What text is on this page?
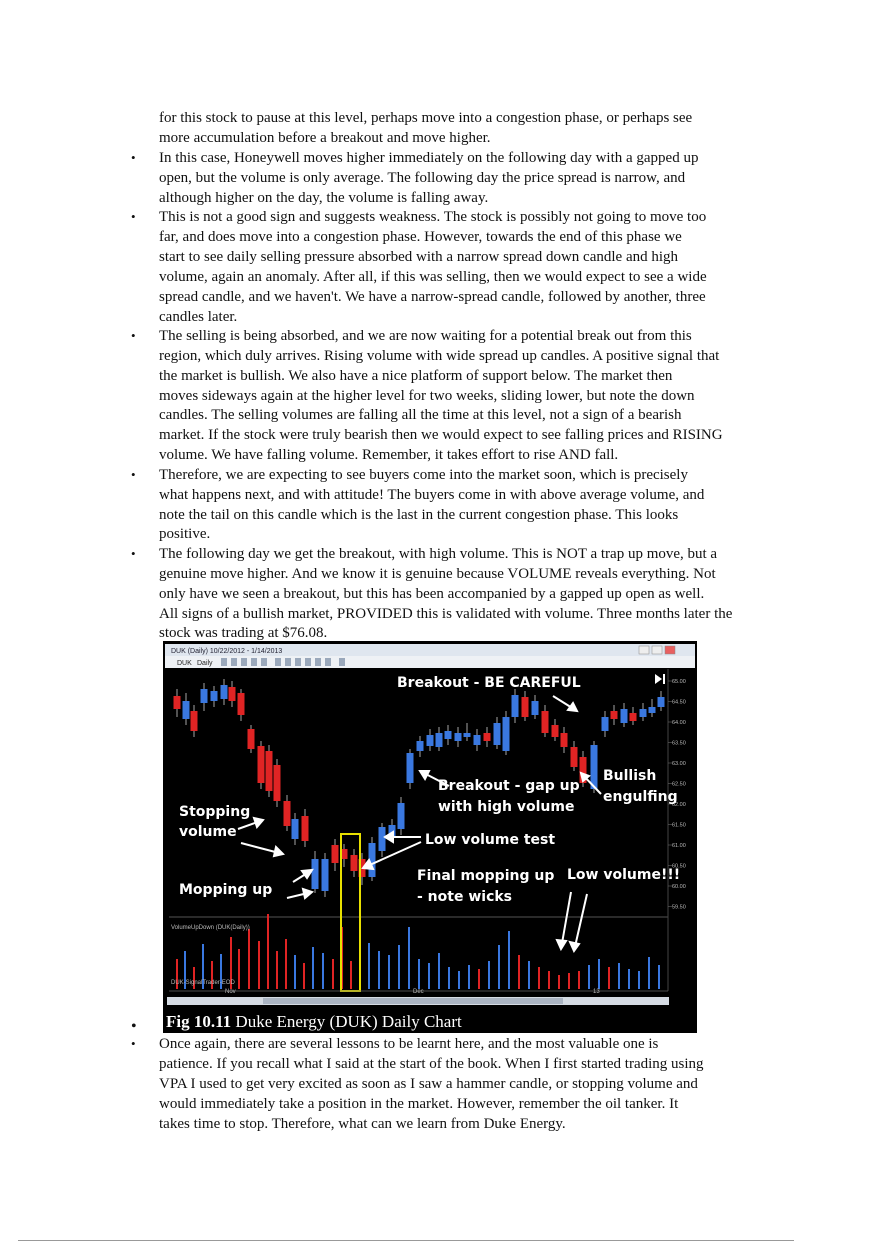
for this stock to pause at this level, perhaps move into a congestion phase, or perhaps see
more accumulation before a breakout and move higher.
• In this case, Honeywell moves higher immediately on the following day with a gapped up
open, but the volume is only average. The following day the price spread is narrow, and
although higher on the day, the volume is falling away.
• This is not a good sign and suggests weakness. The stock is possibly not going to move too
far, and does move into a congestion phase. However, towards the end of this phase we
start to see daily selling pressure absorbed with a narrow spread down candle and high
volume, again an anomaly. After all, if this was selling, then we would expect to see a wide
spread candle, and we haven't. We have a narrow-spread candle, followed by another, three
candles later.
• The selling is being absorbed, and we are now waiting for a potential break out from this
region, which duly arrives. Rising volume with wide spread up candles. A positive signal that
the market is bullish. We also have a nice platform of support below. The market then
moves sideways again at the higher level for two weeks, sliding lower, but note the down
candles. The selling volumes are falling all the time at this level, not a sign of a bearish
market. If the stock were truly bearish then we would expect to see falling prices and RISING
volume. We have falling volume. Remember, it takes effort to rise AND fall.
• Therefore, we are expecting to see buyers come into the market soon, which is precisely
what happens next, and with attitude! The buyers come in with above average volume, and
note the tail on this candle which is the last in the current congestion phase. This looks
positive.
• The following day we get the breakout, with high volume. This is NOT a trap up move, but a
genuine move higher. And we know it is genuine because VOLUME reveals everything. Not
only have we seen a breakout, but this has been accompanied by a gapped up open as well.
All signs of a bullish market, PROVIDED this is validated with volume. Three months later the
stock was trading at $76.08.
DUK (Daily) 10/22/2012 - 1/14/2013
DUK Daily
65.00
64.50
64.00
63.50
63.00
62.50
62.00
61.50
61.00
60.50
60.00
59.50
VolumeUpDown (DUK(Daily))
DUK-SignalTrader-EOD
Nov	Dec	13
Breakout - BE CAREFUL
Breakout - gap up
with high volume
Bullish
engulfing
Stopping
volume	Low volume test
Mopping up
Final mopping up
- note wicks
Low volume!!!
Fig 10.11 Duke Energy (DUK) Daily Chart
•
• Once again, there are several lessons to be learnt here, and the most valuable one is
patience. If you recall what I said at the start of the book. When I first started trading using
VPA I used to get very excited as soon as I saw a hammer candle, or stopping volume and
would immediately take a position in the market. However, remember the oil tanker. It
takes time to stop. Therefore, what can we learn from Duke Energy.
